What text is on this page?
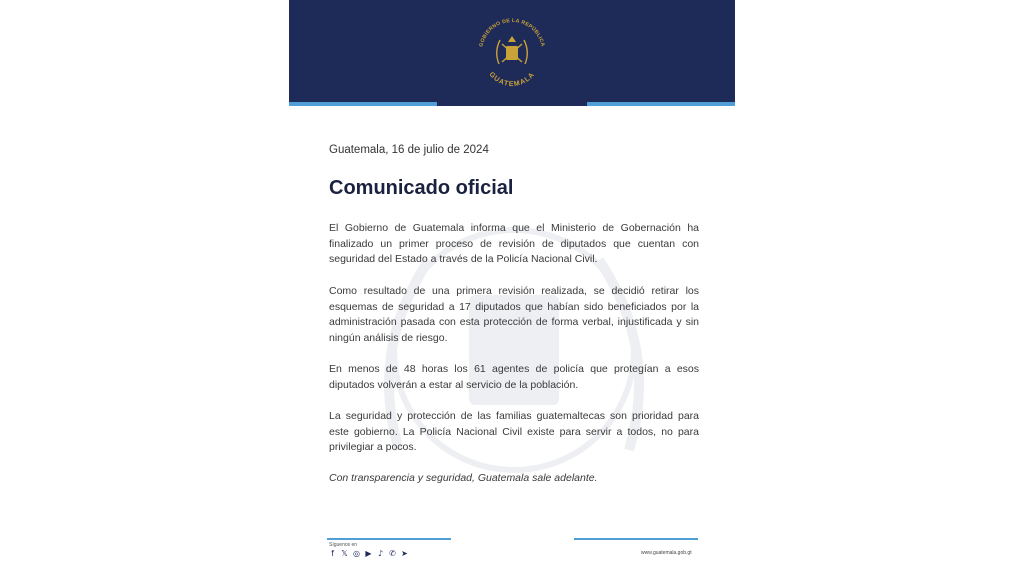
GOBIERNO DE LA REPÚBLICA
GUATEMALA
Guatemala, 16 de julio de 2024
Comunicado oficial

El Gobierno de Guatemala informa que el Ministerio de Gobernación ha finalizado un primer proceso de revisión de diputados que cuentan con seguridad del Estado a través de la Policía Nacional Civil.

Como resultado de una primera revisión realizada, se decidió retirar los esquemas de seguridad a 17 diputados que habían sido beneficiados por la administración pasada con esta protección de forma verbal, injustificada y sin ningún análisis de riesgo.

En menos de 48 horas los 61 agentes de policía que protegían a esos diputados volverán a estar al servicio de la población.

La seguridad y protección de las familias guatemaltecas son prioridad para este gobierno. La Policía Nacional Civil existe para servir a todos, no para privilegiar a pocos.

Con transparencia y seguridad, Guatemala sale adelante.

Síguenos en
f 𝕏 ◎ ▶ ♪ ✆ ➤	www.guatemala.gob.gt
